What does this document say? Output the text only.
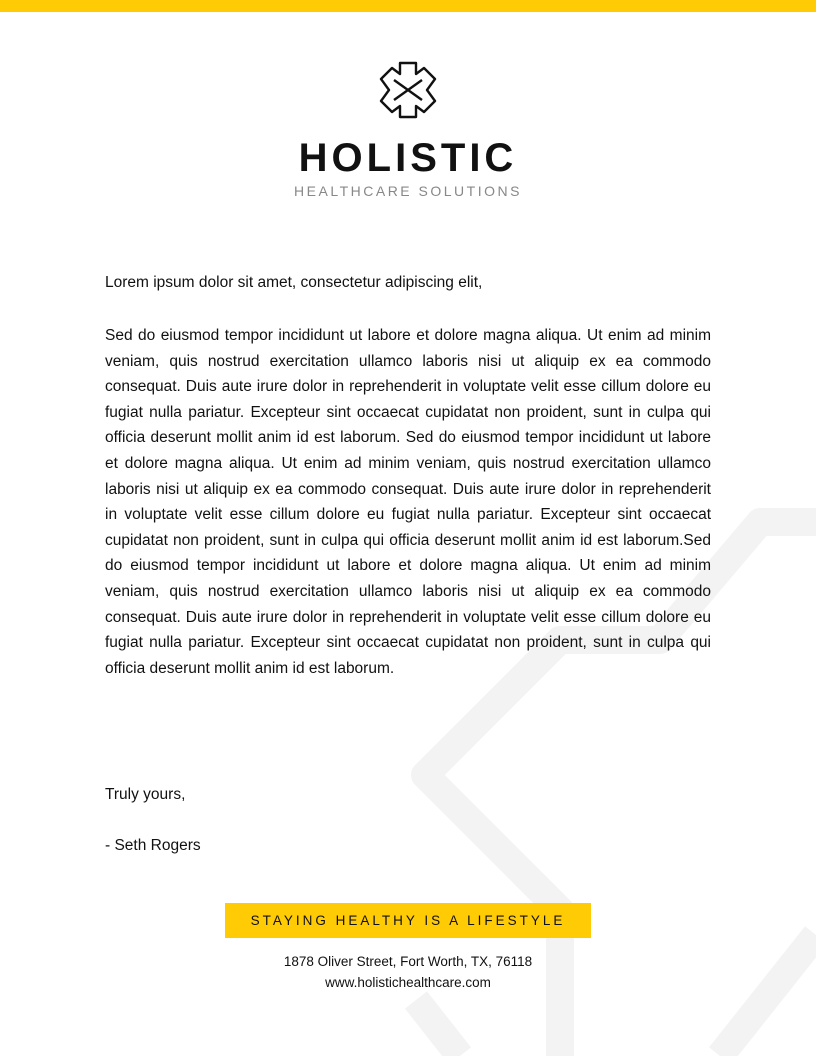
HOLISTIC
HEALTHCARE SOLUTIONS
Lorem ipsum dolor sit amet, consectetur adipiscing elit,
Sed do eiusmod tempor incididunt ut labore et dolore magna aliqua. Ut enim ad minim veniam, quis nostrud exercitation ullamco laboris nisi ut aliquip ex ea commodo consequat. Duis aute irure dolor in reprehenderit in voluptate velit esse cillum dolore eu fugiat nulla pariatur. Excepteur sint occaecat cupidatat non proident, sunt in culpa qui officia deserunt mollit anim id est laborum. Sed do eiusmod tempor incididunt ut labore et dolore magna aliqua. Ut enim ad minim veniam, quis nostrud exercitation ullamco laboris nisi ut aliquip ex ea commodo consequat. Duis aute irure dolor in reprehenderit in voluptate velit esse cillum dolore eu fugiat nulla pariatur. Excepteur sint occaecat cupidatat non proident, sunt in culpa qui officia deserunt mollit anim id est laborum.Sed do eiusmod tempor incididunt ut labore et dolore magna aliqua. Ut enim ad minim veniam, quis nostrud exercitation ullamco laboris nisi ut aliquip ex ea commodo consequat. Duis aute irure dolor in reprehenderit in voluptate velit esse cillum dolore eu fugiat nulla pariatur. Excepteur sint occaecat cupidatat non proident, sunt in culpa qui officia deserunt mollit anim id est laborum.
Truly yours,
- Seth Rogers
STAYING HEALTHY IS A LIFESTYLE
1878 Oliver Street, Fort Worth, TX, 76118
www.holistichealthcare.com
